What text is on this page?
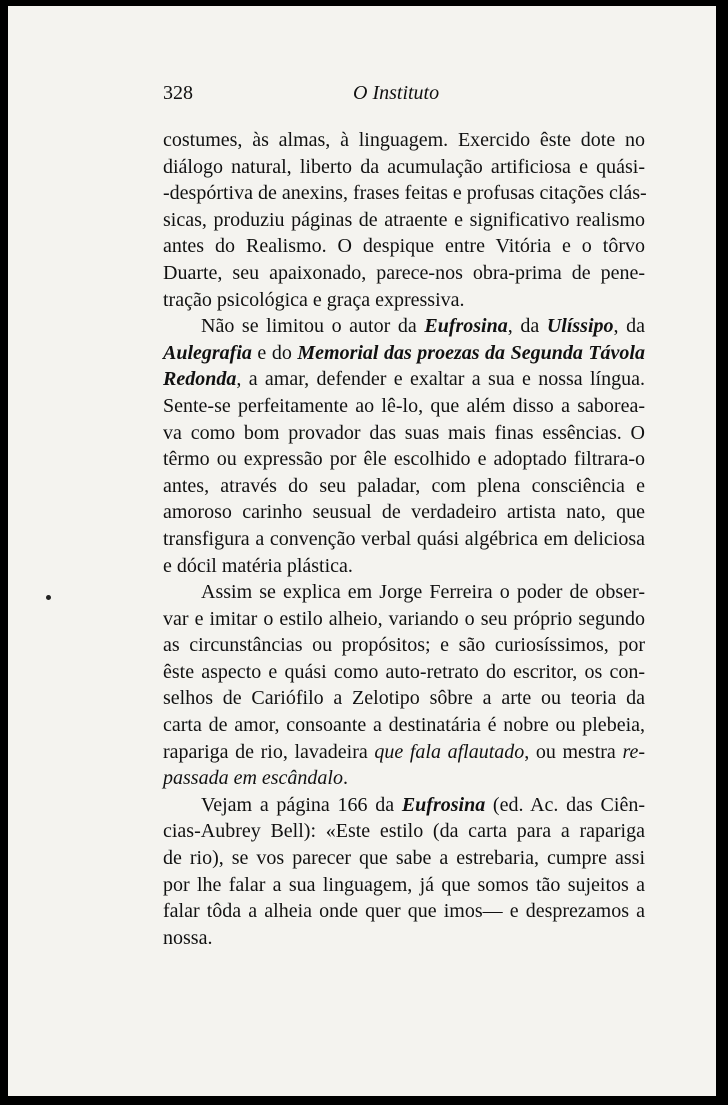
328	O Instituto
costumes, às almas, à linguagem. Exercido êste dote no
diálogo natural, liberto da acumulação artificiosa e quási-
-despórtiva de anexins, frases feitas e profusas citações clás-
sicas, produziu páginas de atraente e significativo realismo
antes do Realismo. O despique entre Vitória e o tôrvo
Duarte, seu apaixonado, parece-nos obra-prima de pene-
tração psicológica e graça expressiva.
Não se limitou o autor da Eufrosina, da Ulíssipo, da
Aulegrafia e do Memorial das proezas da Segunda Távola
Redonda, a amar, defender e exaltar a sua e nossa língua.
Sente-se perfeitamente ao lê-lo, que além disso a saborea-
va como bom provador das suas mais finas essências. O
têrmo ou expressão por êle escolhido e adoptado filtrara-o
antes, através do seu paladar, com plena consciência e
amoroso carinho seusual de verdadeiro artista nato, que
transfigura a convenção verbal quási algébrica em deliciosa
e dócil matéria plástica.
Assim se explica em Jorge Ferreira o poder de obser-
var e imitar o estilo alheio, variando o seu próprio segundo
as circunstâncias ou propósitos; e são curiosíssimos, por
êste aspecto e quási como auto-retrato do escritor, os con-
selhos de Cariófilo a Zelotipo sôbre a arte ou teoria da
carta de amor, consoante a destinatária é nobre ou plebeia,
rapariga de rio, lavadeira que fala aflautado, ou mestra re-
passada em escândalo.
Vejam a página 166 da Eufrosina (ed. Ac. das Ciên-
cias-Aubrey Bell): «Este estilo (da carta para a rapariga
de rio), se vos parecer que sabe a estrebaria, cumpre assi
por lhe falar a sua linguagem, já que somos tão sujeitos a
falar tôda a alheia onde quer que imos— e desprezamos a
nossa.
